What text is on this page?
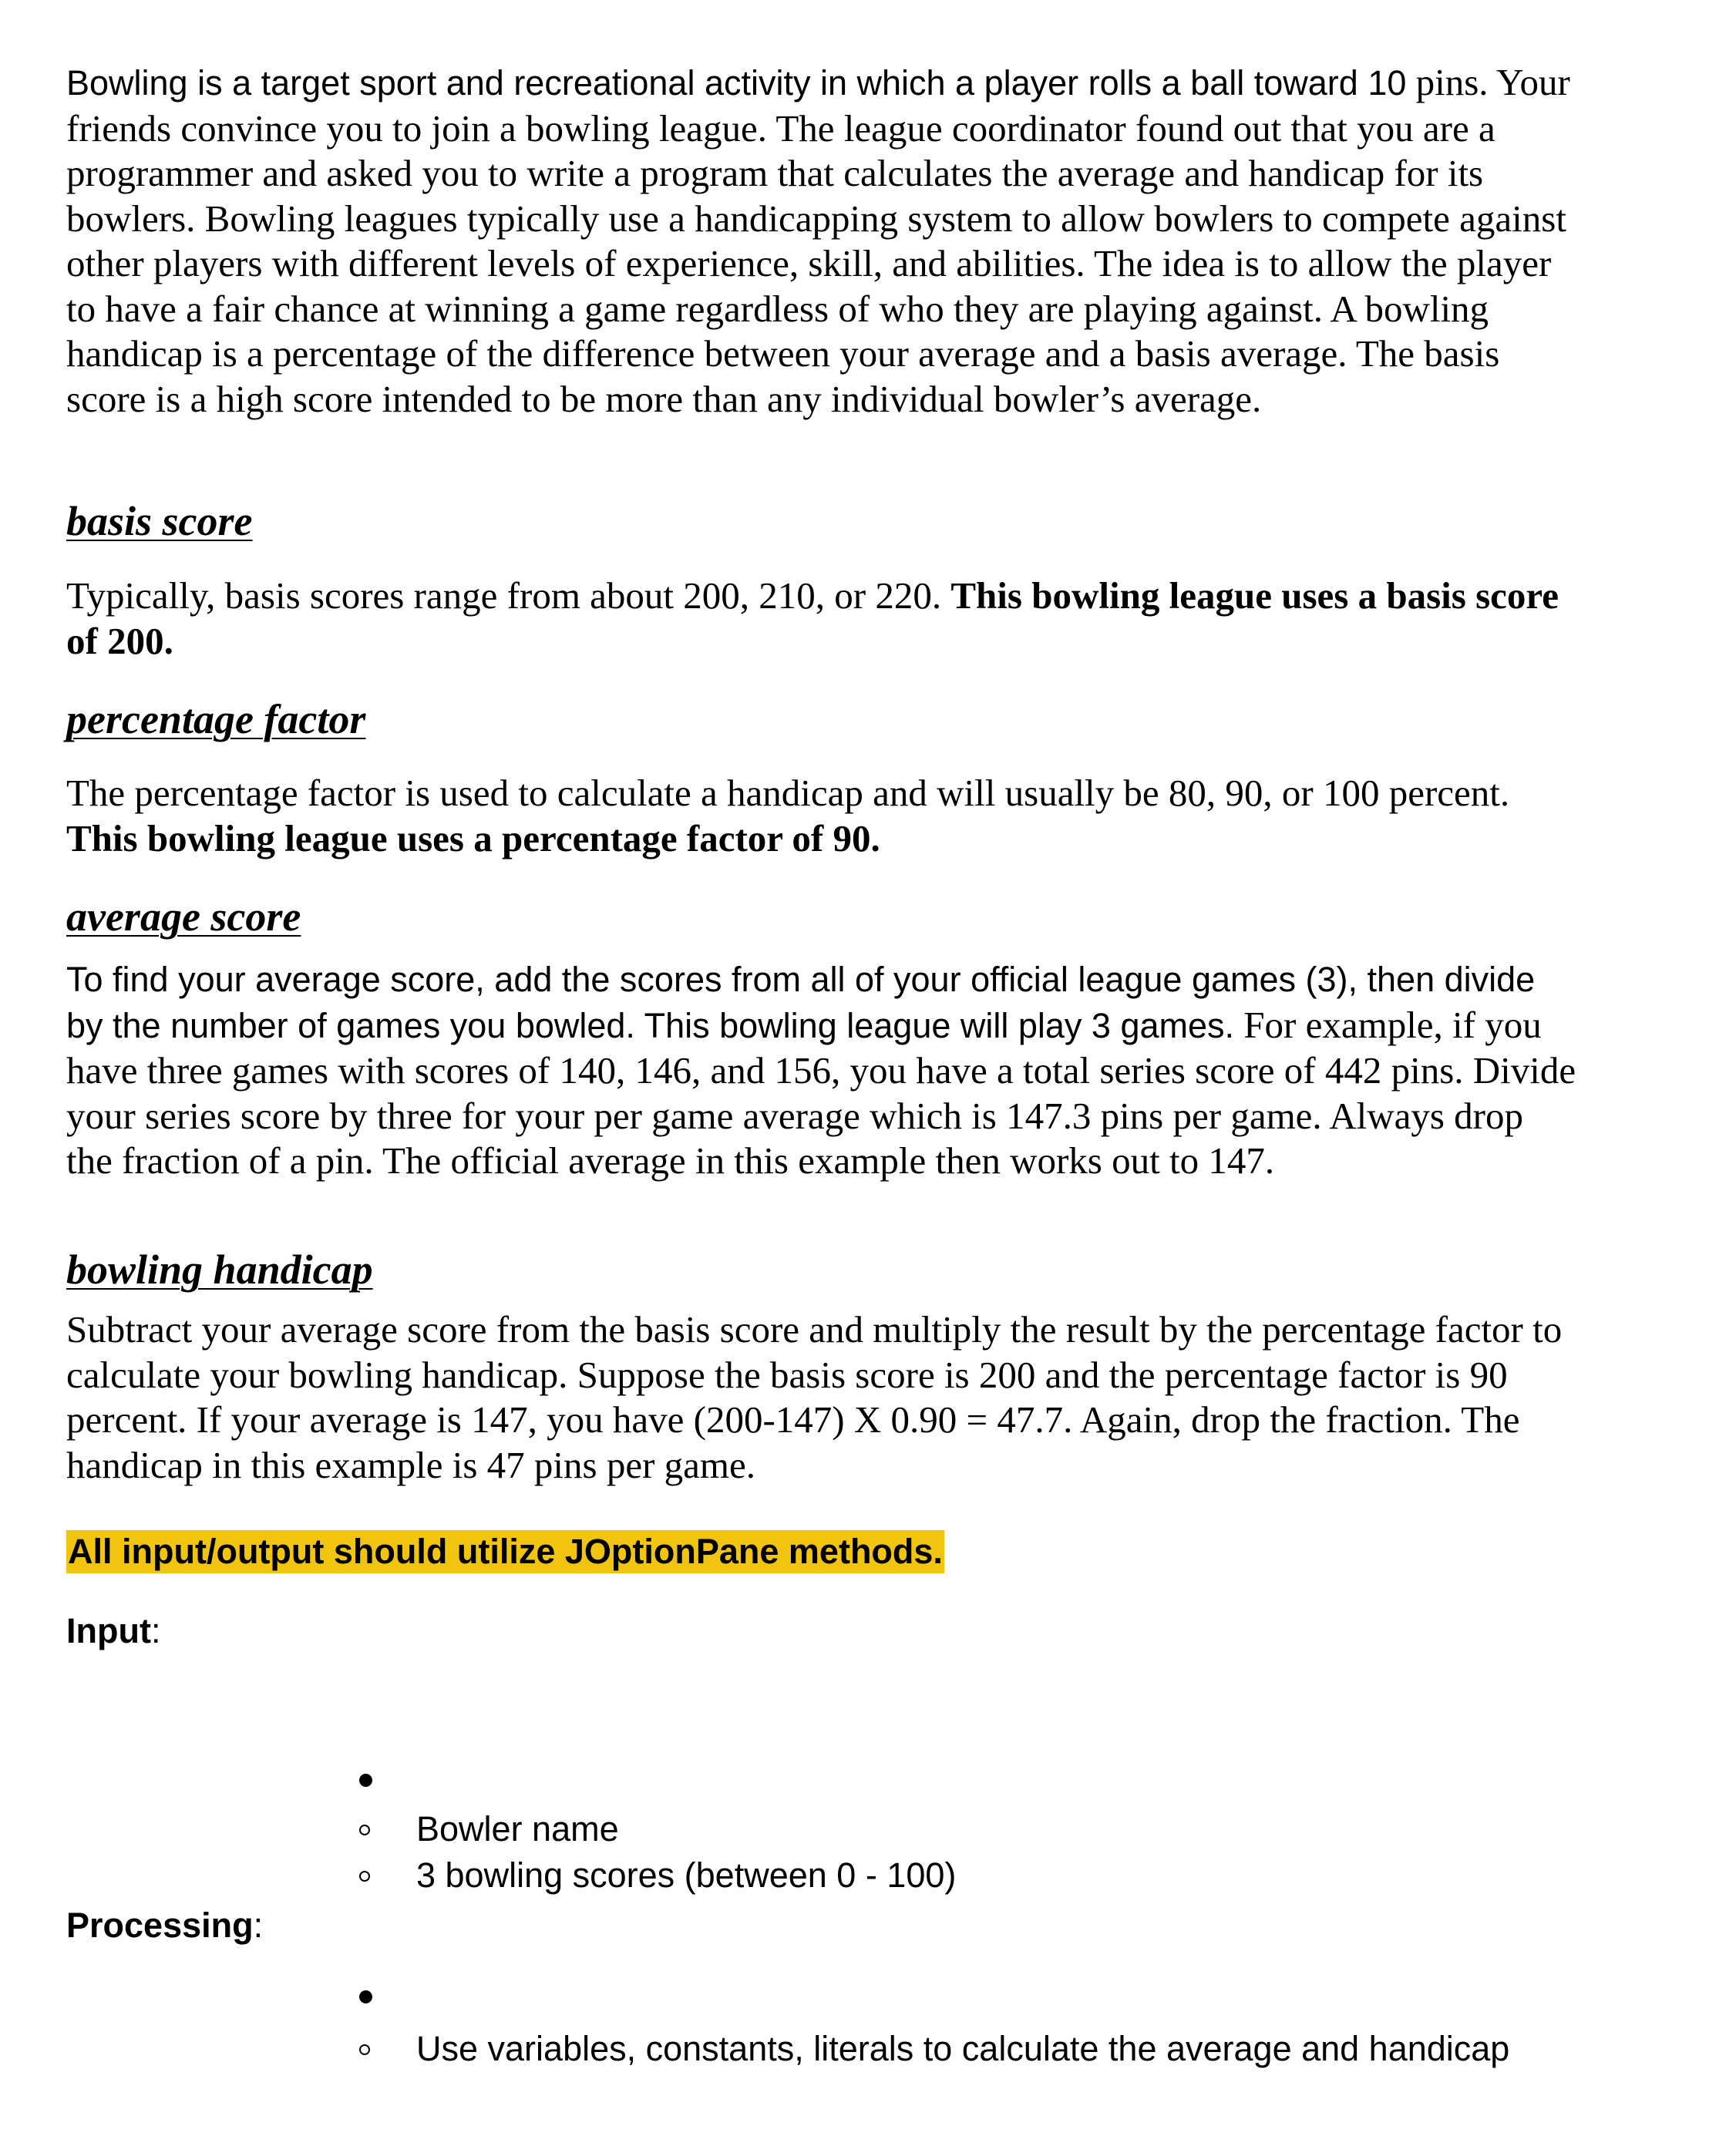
Bowling is a target sport and recreational activity in which a player rolls a ball toward 10 pins. Your friends convince you to join a bowling league. The league coordinator found out that you are a programmer and asked you to write a program that calculates the average and handicap for its bowlers. Bowling leagues typically use a handicapping system to allow bowlers to compete against other players with different levels of experience, skill, and abilities. The idea is to allow the player to have a fair chance at winning a game regardless of who they are playing against. A bowling handicap is a percentage of the difference between your average and a basis average. The basis score is a high score intended to be more than any individual bowler’s average.

basis score

Typically, basis scores range from about 200, 210, or 220. This bowling league uses a basis score of 200.

percentage factor

The percentage factor is used to calculate a handicap and will usually be 80, 90, or 100 percent. This bowling league uses a percentage factor of 90.

average score

To find your average score, add the scores from all of your official league games (3), then divide by the number of games you bowled. This bowling league will play 3 games. For example, if you have three games with scores of 140, 146, and 156, you have a total series score of 442 pins. Divide your series score by three for your per game average which is 147.3 pins per game. Always drop the fraction of a pin. The official average in this example then works out to 147.

bowling handicap

Subtract your average score from the basis score and multiply the result by the percentage factor to calculate your bowling handicap. Suppose the basis score is 200 and the percentage factor is 90 percent. If your average is 147, you have (200-147) X 0.90 = 47.7. Again, drop the fraction. The handicap in this example is 47 pins per game.

All input/output should utilize JOptionPane methods.

Input:

Bowler name
3 bowling scores (between 0 - 100)

Processing:

Use variables, constants, literals to calculate the average and handicap
